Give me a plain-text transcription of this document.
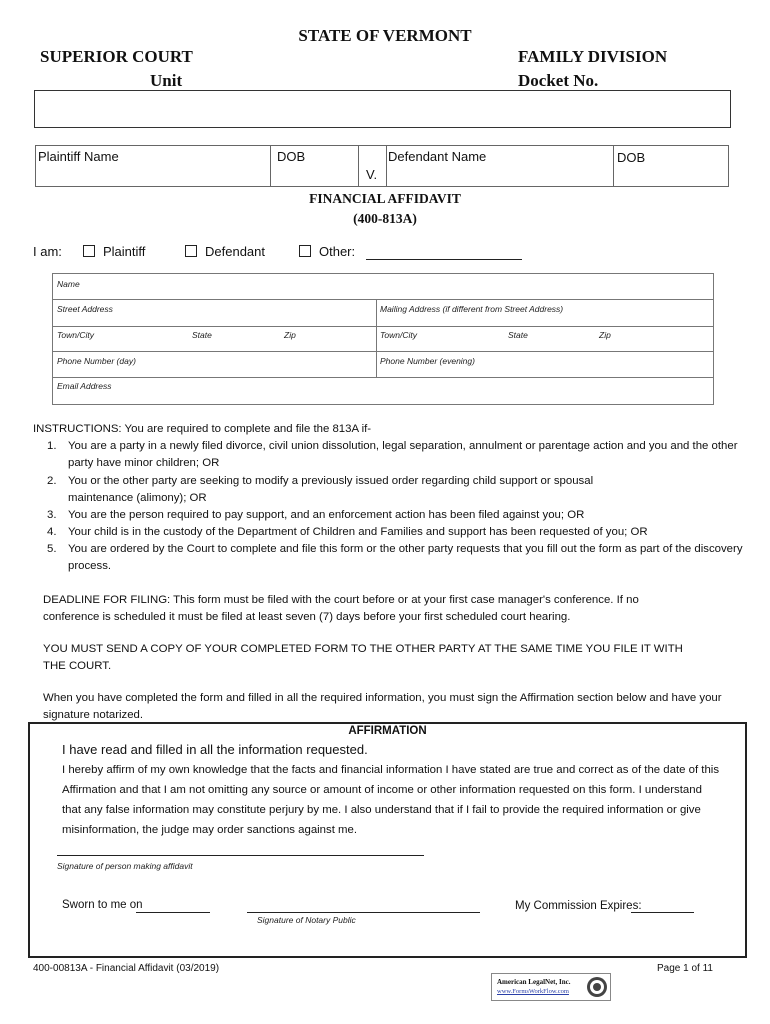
STATE OF VERMONT
SUPERIOR COURT
Unit
FAMILY DIVISION
Docket No.
Plaintiff Name	DOB
V.
Defendant Name	DOB
FINANCIAL AFFIDAVIT
(400-813A)
I am:	Plaintiff	Defendant	Other:
Name
Street Address	Mailing Address (if different from Street Address)
Town/City	State	Zip	Town/City	State	Zip
Phone Number (day)	Phone Number (evening)
Email Address
INSTRUCTIONS: You are required to complete and file the 813A if-
1. You are a party in a newly filed divorce, civil union dissolution, legal separation, annulment or parentage action and you and the other party have minor children; OR
2. You or the other party are seeking to modify a previously issued order regarding child support or spousal maintenance (alimony); OR
3. You are the person required to pay support, and an enforcement action has been filed against you; OR
4. Your child is in the custody of the Department of Children and Families and support has been requested of you; OR
5. You are ordered by the Court to complete and file this form or the other party requests that you fill out the form as part of the discovery process.
DEADLINE FOR FILING: This form must be filed with the court before or at your first case manager's conference. If no conference is scheduled it must be filed at least seven (7) days before your first scheduled court hearing.
YOU MUST SEND A COPY OF YOUR COMPLETED FORM TO THE OTHER PARTY AT THE SAME TIME YOU FILE IT WITH THE COURT.
When you have completed the form and filled in all the required information, you must sign the Affirmation section below and have your signature notarized.
AFFIRMATION
I have read and filled in all the information requested.
I hereby affirm of my own knowledge that the facts and financial information I have stated are true and correct as of the date of this Affirmation and that I am not omitting any source or amount of income or other information requested on this form. I understand that any false information may constitute perjury by me. I also understand that if I fail to provide the required information or give misinformation, the judge may order sanctions against me.
Signature of person making affidavit
Sworn to me on
Signature of Notary Public
My Commission Expires:
400-00813A - Financial Affidavit (03/2019)	Page 1 of 11
American LegalNet, Inc.
www.FormsWorkFlow.com
